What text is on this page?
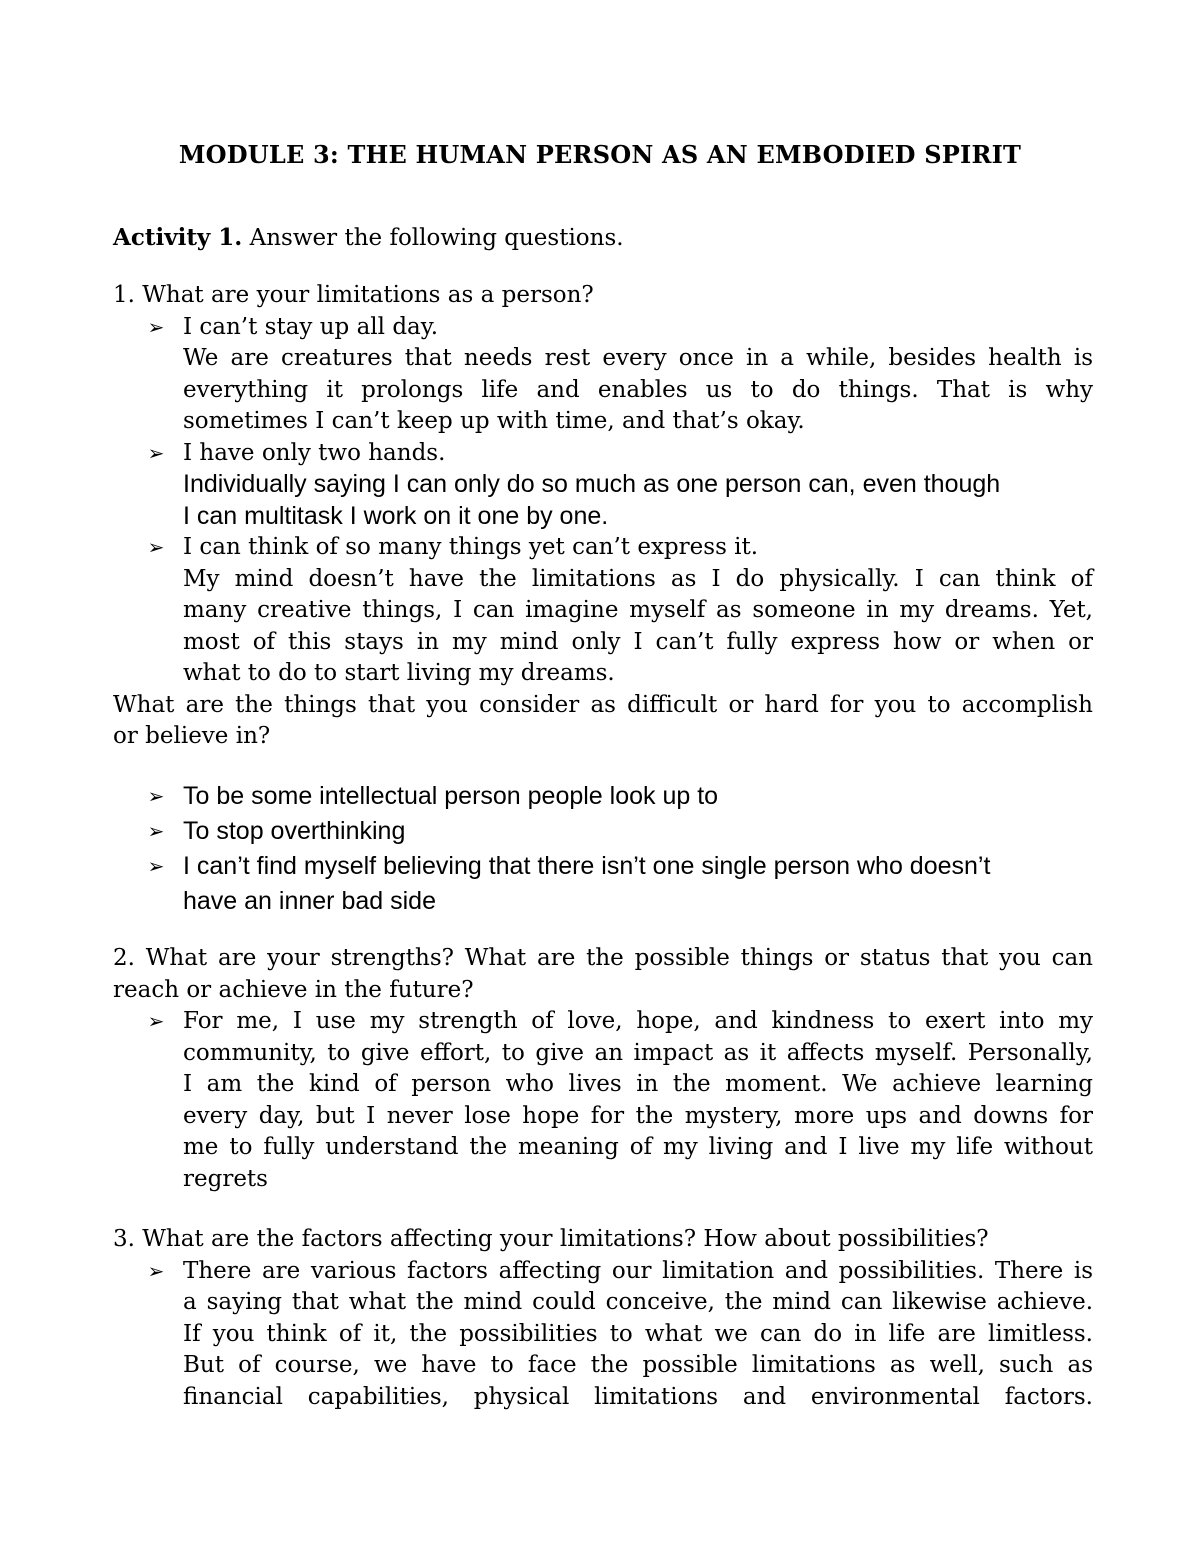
MODULE 3: THE HUMAN PERSON AS AN EMBODIED SPIRIT
Activity 1. Answer the following questions.
1. What are your limitations as a person?
➢ I can’t stay up all day.
We are creatures that needs rest every once in a while, besides health is
everything it prolongs life and enables us to do things. That is why
sometimes I can’t keep up with time, and that’s okay.
➢ I have only two hands.
Individually saying I can only do so much as one person can, even though
I can multitask I work on it one by one.
➢ I can think of so many things yet can’t express it.
My mind doesn’t have the limitations as I do physically. I can think of
many creative things, I can imagine myself as someone in my dreams. Yet,
most of this stays in my mind only I can’t fully express how or when or
what to do to start living my dreams.
What are the things that you consider as difficult or hard for you to accomplish
or believe in?
➢ To be some intellectual person people look up to
➢ To stop overthinking
➢ I can’t find myself believing that there isn’t one single person who doesn’t
have an inner bad side
2. What are your strengths? What are the possible things or status that you can
reach or achieve in the future?
➢ For me, I use my strength of love, hope, and kindness to exert into my
community, to give effort, to give an impact as it affects myself. Personally,
I am the kind of person who lives in the moment. We achieve learning
every day, but I never lose hope for the mystery, more ups and downs for
me to fully understand the meaning of my living and I live my life without
regrets
3. What are the factors affecting your limitations? How about possibilities?
➢ There are various factors affecting our limitation and possibilities. There is
a saying that what the mind could conceive, the mind can likewise achieve.
If you think of it, the possibilities to what we can do in life are limitless.
But of course, we have to face the possible limitations as well, such as
financial capabilities, physical limitations and environmental factors.
